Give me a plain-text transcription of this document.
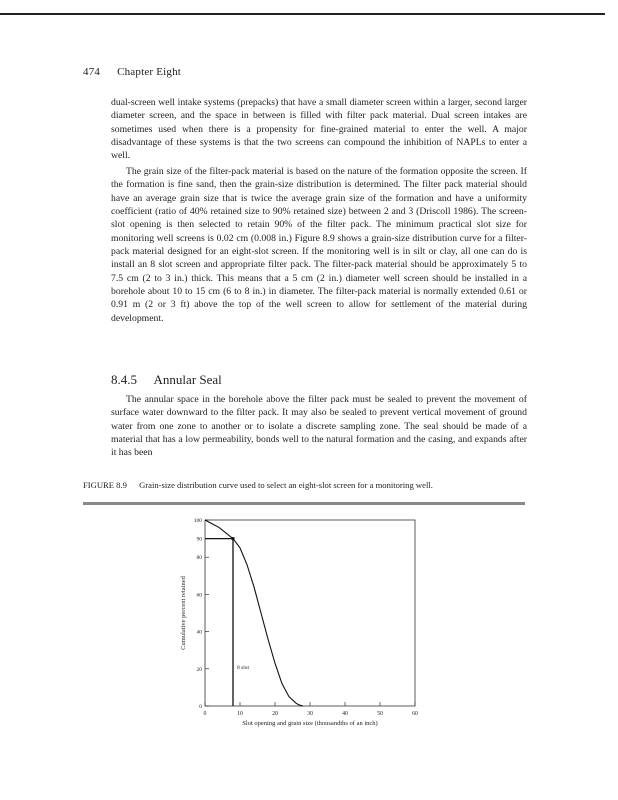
474 Chapter Eight

dual-screen well intake systems (prepacks) that have a small diameter screen within a larger, second larger diameter screen, and the space in between is filled with filter pack material. Dual screen intakes are sometimes used when there is a propensity for fine-grained material to enter the well. A major disadvantage of these systems is that the two screens can compound the inhibition of NAPLs to enter a well.

The grain size of the filter-pack material is based on the nature of the formation opposite the screen. If the formation is fine sand, then the grain-size distribution is determined. The filter pack material should have an average grain size that is twice the average grain size of the formation and have a uniformity coefficient (ratio of 40% retained size to 90% retained size) between 2 and 3 (Driscoll 1986). The screen-slot opening is then selected to retain 90% of the filter pack. The minimum practical slot size for monitoring well screens is 0.02 cm (0.008 in.) Figure 8.9 shows a grain-size distribution curve for a filter-pack material designed for an eight-slot screen. If the monitoring well is in silt or clay, all one can do is install an 8 slot screen and appropriate filter pack. The filter-pack material should be approximately 5 to 7.5 cm (2 to 3 in.) thick. This means that a 5 cm (2 in.) diameter well screen should be installed in a borehole about 10 to 15 cm (6 to 8 in.) in diameter. The filter-pack material is normally extended 0.61 or 0.91 m (2 or 3 ft) above the top of the well screen to allow for settlement of the material during development.

8.4.5 Annular Seal

The annular space in the borehole above the filter pack must be sealed to prevent the movement of surface water downward to the filter pack. It may also be sealed to prevent vertical movement of ground water from one zone to another or to isolate a discrete sampling zone. The seal should be made of a material that has a low permeability, bonds well to the natural formation and the casing, and expands after it has been

FIGURE 8.9 Grain-size distribution curve used to select an eight-slot screen for a monitoring well.
0
20
40
60
80
90
100
0	10	20	30	40	50	60
8 slot
Slot opening and grain size (thousandths of an inch)
Cumulative percent retained
